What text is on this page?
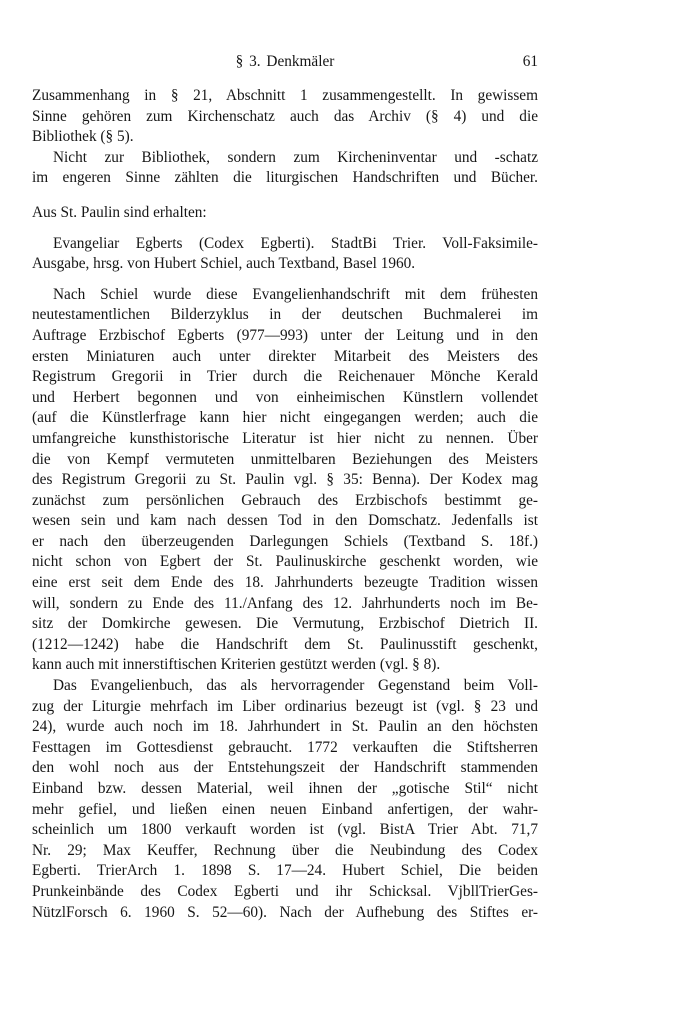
§ 3. Denkmäler	61
Zusammenhang in § 21, Abschnitt 1 zusammengestellt. In gewissem
Sinne gehören zum Kirchenschatz auch das Archiv (§ 4) und die
Bibliothek (§ 5).
Nicht zur Bibliothek, sondern zum Kircheninventar und -schatz
im engeren Sinne zählten die liturgischen Handschriften und Bücher.
Aus St. Paulin sind erhalten:
Evangeliar Egberts (Codex Egberti). StadtBi Trier. Voll-Faksimile-
Ausgabe, hrsg. von Hubert Schiel, auch Textband, Basel 1960.
Nach Schiel wurde diese Evangelienhandschrift mit dem frühesten
neutestamentlichen Bilderzyklus in der deutschen Buchmalerei im
Auftrage Erzbischof Egberts (977—993) unter der Leitung und in den
ersten Miniaturen auch unter direkter Mitarbeit des Meisters des
Registrum Gregorii in Trier durch die Reichenauer Mönche Kerald
und Herbert begonnen und von einheimischen Künstlern vollendet
(auf die Künstlerfrage kann hier nicht eingegangen werden; auch die
umfangreiche kunsthistorische Literatur ist hier nicht zu nennen. Über
die von Kempf vermuteten unmittelbaren Beziehungen des Meisters
des Registrum Gregorii zu St. Paulin vgl. § 35: Benna). Der Kodex mag
zunächst zum persönlichen Gebrauch des Erzbischofs bestimmt ge-
wesen sein und kam nach dessen Tod in den Domschatz. Jedenfalls ist
er nach den überzeugenden Darlegungen Schiels (Textband S. 18f.)
nicht schon von Egbert der St. Paulinuskirche geschenkt worden, wie
eine erst seit dem Ende des 18. Jahrhunderts bezeugte Tradition wissen
will, sondern zu Ende des 11./Anfang des 12. Jahrhunderts noch im Be-
sitz der Domkirche gewesen. Die Vermutung, Erzbischof Dietrich II.
(1212—1242) habe die Handschrift dem St. Paulinusstift geschenkt,
kann auch mit innerstiftischen Kriterien gestützt werden (vgl. § 8).
Das Evangelienbuch, das als hervorragender Gegenstand beim Voll-
zug der Liturgie mehrfach im Liber ordinarius bezeugt ist (vgl. § 23 und
24), wurde auch noch im 18. Jahrhundert in St. Paulin an den höchsten
Festtagen im Gottesdienst gebraucht. 1772 verkauften die Stiftsherren
den wohl noch aus der Entstehungszeit der Handschrift stammenden
Einband bzw. dessen Material, weil ihnen der „gotische Stil“ nicht
mehr gefiel, und ließen einen neuen Einband anfertigen, der wahr-
scheinlich um 1800 verkauft worden ist (vgl. BistA Trier Abt. 71,7
Nr. 29; Max Keuffer, Rechnung über die Neubindung des Codex
Egberti. TrierArch 1. 1898 S. 17—24. Hubert Schiel, Die beiden
Prunkeinbände des Codex Egberti und ihr Schicksal. VjbllTrierGes-
NützlForsch 6. 1960 S. 52—60). Nach der Aufhebung des Stiftes er-
